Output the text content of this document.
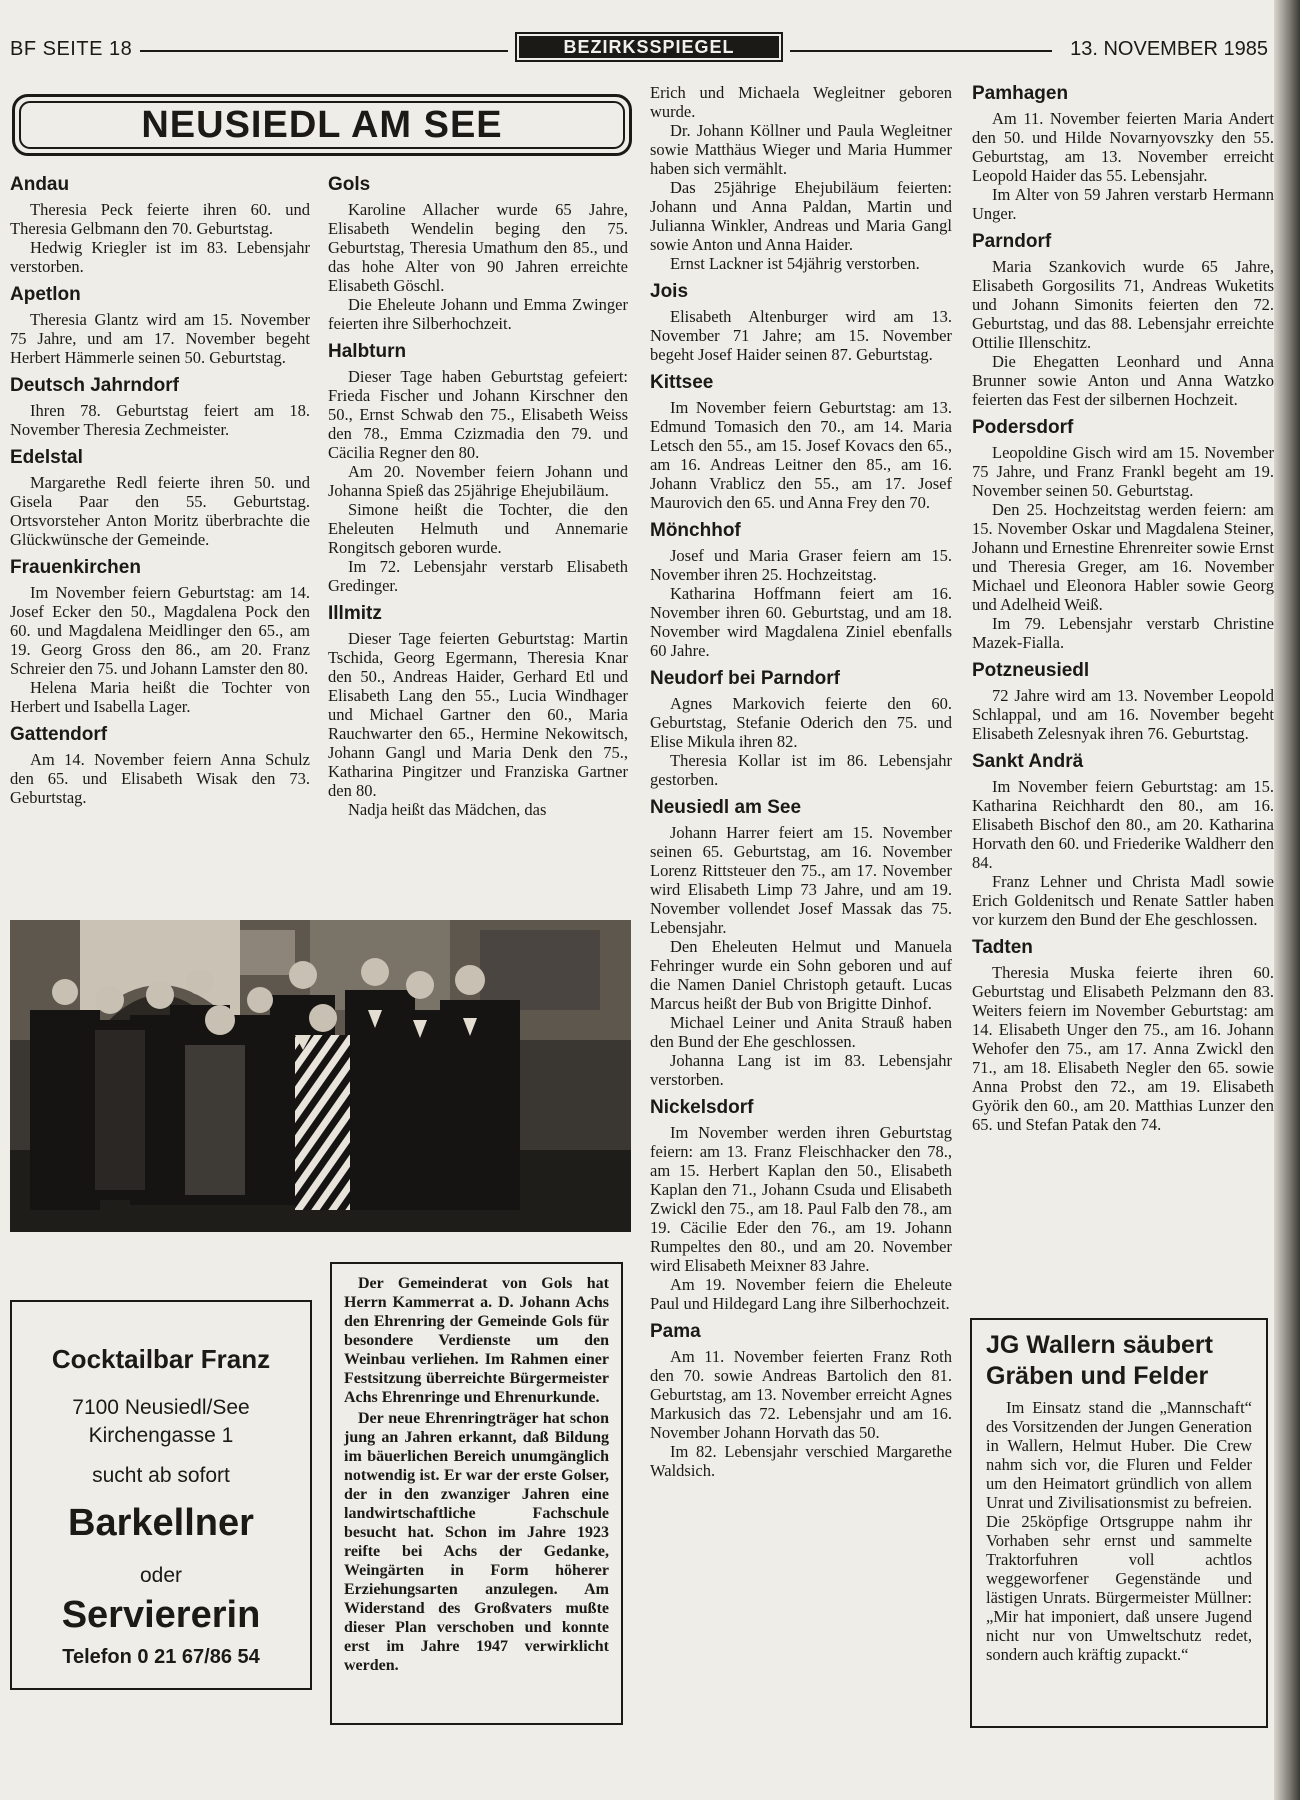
BF SEITE 18	BEZIRKSSPIEGEL	13. NOVEMBER 1985
NEUSIEDL AM SEE
Andau

Theresia Peck feierte ihren 60. und Theresia Gelbmann den 70. Geburtstag.

Hedwig Kriegler ist im 83. Lebensjahr verstorben.

Apetlon

Theresia Glantz wird am 15. November 75 Jahre, und am 17. November begeht Herbert Hämmerle seinen 50. Geburtstag.

Deutsch Jahrndorf

Ihren 78. Geburtstag feiert am 18. November Theresia Zechmeister.

Edelstal

Margarethe Redl feierte ihren 50. und Gisela Paar den 55. Geburtstag. Ortsvorsteher Anton Moritz überbrachte die Glückwünsche der Gemeinde.

Frauenkirchen

Im November feiern Geburtstag: am 14. Josef Ecker den 50., Magdalena Pock den 60. und Magdalena Meidlinger den 65., am 19. Georg Gross den 86., am 20. Franz Schreier den 75. und Johann Lamster den 80.

Helena Maria heißt die Tochter von Herbert und Isabella Lager.

Gattendorf

Am 14. November feiern Anna Schulz den 65. und Elisabeth Wisak den 73. Geburtstag.

Gols

Karoline Allacher wurde 65 Jahre, Elisabeth Wendelin beging den 75. Geburtstag, Theresia Umathum den 85., und das hohe Alter von 90 Jahren erreichte Elisabeth Göschl.

Die Eheleute Johann und Emma Zwinger feierten ihre Silberhochzeit.

Halbturn

Dieser Tage haben Geburtstag gefeiert: Frieda Fischer und Johann Kirschner den 50., Ernst Schwab den 75., Elisabeth Weiss den 78., Emma Czizmadia den 79. und Cäcilia Regner den 80.

Am 20. November feiern Johann und Johanna Spieß das 25jährige Ehejubiläum.

Simone heißt die Tochter, die den Eheleuten Helmuth und Annemarie Rongitsch geboren wurde.

Im 72. Lebensjahr verstarb Elisabeth Gredinger.

Illmitz

Dieser Tage feierten Geburtstag: Martin Tschida, Georg Egermann, Theresia Knar den 50., Andreas Haider, Gerhard Etl und Elisabeth Lang den 55., Lucia Windhager und Michael Gartner den 60., Maria Rauchwarter den 65., Hermine Nekowitsch, Johann Gangl und Maria Denk den 75., Katharina Pingitzer und Franziska Gartner den 80.

Nadja heißt das Mädchen, das

Erich und Michaela Wegleitner geboren wurde.

Dr. Johann Köllner und Paula Wegleitner sowie Matthäus Wieger und Maria Hummer haben sich vermählt.

Das 25jährige Ehejubiläum feierten: Johann und Anna Paldan, Martin und Julianna Winkler, Andreas und Maria Gangl sowie Anton und Anna Haider.

Ernst Lackner ist 54jährig verstorben.

Jois

Elisabeth Altenburger wird am 13. November 71 Jahre; am 15. November begeht Josef Haider seinen 87. Geburtstag.

Kittsee

Im November feiern Geburtstag: am 13. Edmund Tomasich den 70., am 14. Maria Letsch den 55., am 15. Josef Kovacs den 65., am 16. Andreas Leitner den 85., am 16. Johann Vrablicz den 55., am 17. Josef Maurovich den 65. und Anna Frey den 70.

Mönchhof

Josef und Maria Graser feiern am 15. November ihren 25. Hochzeitstag.

Katharina Hoffmann feiert am 16. November ihren 60. Geburtstag, und am 18. November wird Magdalena Ziniel ebenfalls 60 Jahre.

Neudorf bei Parndorf

Agnes Markovich feierte den 60. Geburtstag, Stefanie Oderich den 75. und Elise Mikula ihren 82.

Theresia Kollar ist im 86. Lebensjahr gestorben.

Neusiedl am See

Johann Harrer feiert am 15. November seinen 65. Geburtstag, am 16. November Lorenz Rittsteuer den 75., am 17. November wird Elisabeth Limp 73 Jahre, und am 19. November vollendet Josef Massak das 75. Lebensjahr.

Den Eheleuten Helmut und Manuela Fehringer wurde ein Sohn geboren und auf die Namen Daniel Christoph getauft. Lucas Marcus heißt der Bub von Brigitte Dinhof.

Michael Leiner und Anita Strauß haben den Bund der Ehe geschlossen.

Johanna Lang ist im 83. Lebensjahr verstorben.

Nickelsdorf

Im November werden ihren Geburtstag feiern: am 13. Franz Fleischhacker den 78., am 15. Herbert Kaplan den 50., Elisabeth Kaplan den 71., Johann Csuda und Elisabeth Zwickl den 75., am 18. Paul Falb den 78., am 19. Cäcilie Eder den 76., am 19. Johann Rumpeltes den 80., und am 20. November wird Elisabeth Meixner 83 Jahre.

Am 19. November feiern die Eheleute Paul und Hildegard Lang ihre Silberhochzeit.

Pama

Am 11. November feierten Franz Roth den 70. sowie Andreas Bartolich den 81. Geburtstag, am 13. November erreicht Agnes Markusich das 72. Lebensjahr und am 16. November Johann Horvath das 50.

Im 82. Lebensjahr verschied Margarethe Waldsich.

Pamhagen

Am 11. November feierten Maria Andert den 50. und Hilde Novarnyovszky den 55. Geburtstag, am 13. November erreicht Leopold Haider das 55. Lebensjahr.

Im Alter von 59 Jahren verstarb Hermann Unger.

Parndorf

Maria Szankovich wurde 65 Jahre, Elisabeth Gorgosilits 71, Andreas Wuketits und Johann Simonits feierten den 72. Geburtstag, und das 88. Lebensjahr erreichte Ottilie Illenschitz.

Die Ehegatten Leonhard und Anna Brunner sowie Anton und Anna Watzko feierten das Fest der silbernen Hochzeit.

Podersdorf

Leopoldine Gisch wird am 15. November 75 Jahre, und Franz Frankl begeht am 19. November seinen 50. Geburtstag.

Den 25. Hochzeitstag werden feiern: am 15. November Oskar und Magdalena Steiner, Johann und Ernestine Ehrenreiter sowie Ernst und Theresia Greger, am 16. November Michael und Eleonora Habler sowie Georg und Adelheid Weiß.

Im 79. Lebensjahr verstarb Christine Mazek-Fialla.

Potzneusiedl

72 Jahre wird am 13. November Leopold Schlappal, und am 16. November begeht Elisabeth Zelesnyak ihren 76. Geburtstag.

Sankt Andrä

Im November feiern Geburtstag: am 15. Katharina Reichhardt den 80., am 16. Elisabeth Bischof den 80., am 20. Katharina Horvath den 60. und Friederike Waldherr den 84.

Franz Lehner und Christa Madl sowie Erich Goldenitsch und Renate Sattler haben vor kurzem den Bund der Ehe geschlossen.

Tadten

Theresia Muska feierte ihren 60. Geburtstag und Elisabeth Pelzmann den 83. Weiters feiern im November Geburtstag: am 14. Elisabeth Unger den 75., am 16. Johann Wehofer den 75., am 17. Anna Zwickl den 71., am 18. Elisabeth Negler den 65. sowie Anna Probst den 72., am 19. Elisabeth Györik den 60., am 20. Matthias Lunzer den 65. und Stefan Patak den 74.

Cocktailbar Franz
7100 Neusiedl/See
Kirchengasse 1
sucht ab sofort
Barkellner
oder
Serviererin
Telefon 0 21 67/86 54

Der Gemeinderat von Gols hat Herrn Kammerrat a. D. Johann Achs den Ehrenring der Gemeinde Gols für besondere Verdienste um den Weinbau verliehen. Im Rahmen einer Festsitzung überreichte Bürgermeister Achs Ehrenringe und Ehrenurkunde.

Der neue Ehrenringträger hat schon jung an Jahren erkannt, daß Bildung im bäuerlichen Bereich unumgänglich notwendig ist. Er war der erste Golser, der in den zwanziger Jahren eine landwirtschaftliche Fachschule besucht hat. Schon im Jahre 1923 reifte bei Achs der Gedanke, Weingärten in Form höherer Erziehungsarten anzulegen. Am Widerstand des Großvaters mußte dieser Plan verschoben und konnte erst im Jahre 1947 verwirklicht werden.

JG Wallern säubert Gräben und Felder

Im Einsatz stand die „Mannschaft“ des Vorsitzenden der Jungen Generation in Wallern, Helmut Huber. Die Crew nahm sich vor, die Fluren und Felder um den Heimatort gründlich von allem Unrat und Zivilisationsmist zu befreien. Die 25köpfige Ortsgruppe nahm ihr Vorhaben sehr ernst und sammelte Traktorfuhren voll achtlos weggeworfener Gegenstände und lästigen Unrats. Bürgermeister Müllner: „Mir hat imponiert, daß unsere Jugend nicht nur von Umweltschutz redet, sondern auch kräftig zupackt.“
